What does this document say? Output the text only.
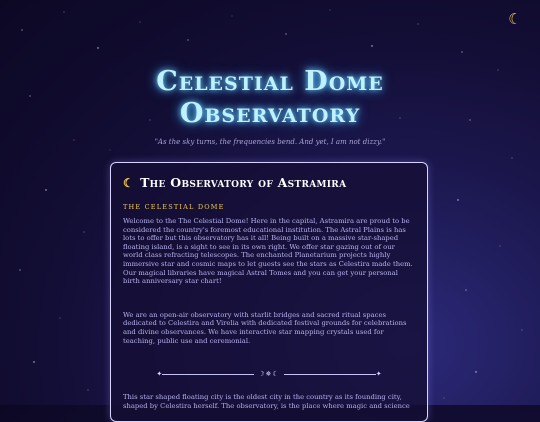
☾
Celestial Dome Observatory
"As the sky turns, the frequencies bend. And yet, I am not dizzy."
☾ The Observatory of Astramira
THE CELESTIAL DOME
Welcome to the The Celestial Dome! Here in the capital, Astramira are proud to be considered the country's foremost educational institution. The Astral Plains is has lots to offer but this observatory has it all! Being built on a massive star-shaped floating island, is a sight to see in its own right. We offer star gazing out of our world class refracting telescopes. The enchanted Planetarium projects highly immersive star and cosmic maps to let guests see the stars as Celestira made them. Our magical libraries have magical Astral Tomes and you can get your personal birth anniversary star chart!
We are an open-air observatory with starlit bridges and sacred ritual spaces dedicated to Celestira and Virelia with dedicated festival grounds for celebrations and divine observances. We have interactive star mapping crystals used for teaching, public use and ceremonial.
✦	☽✵☾	✦
This star shaped floating city is the oldest city in the country as its founding city, shaped by Celestira herself. The observatory, is the place where magic and science
